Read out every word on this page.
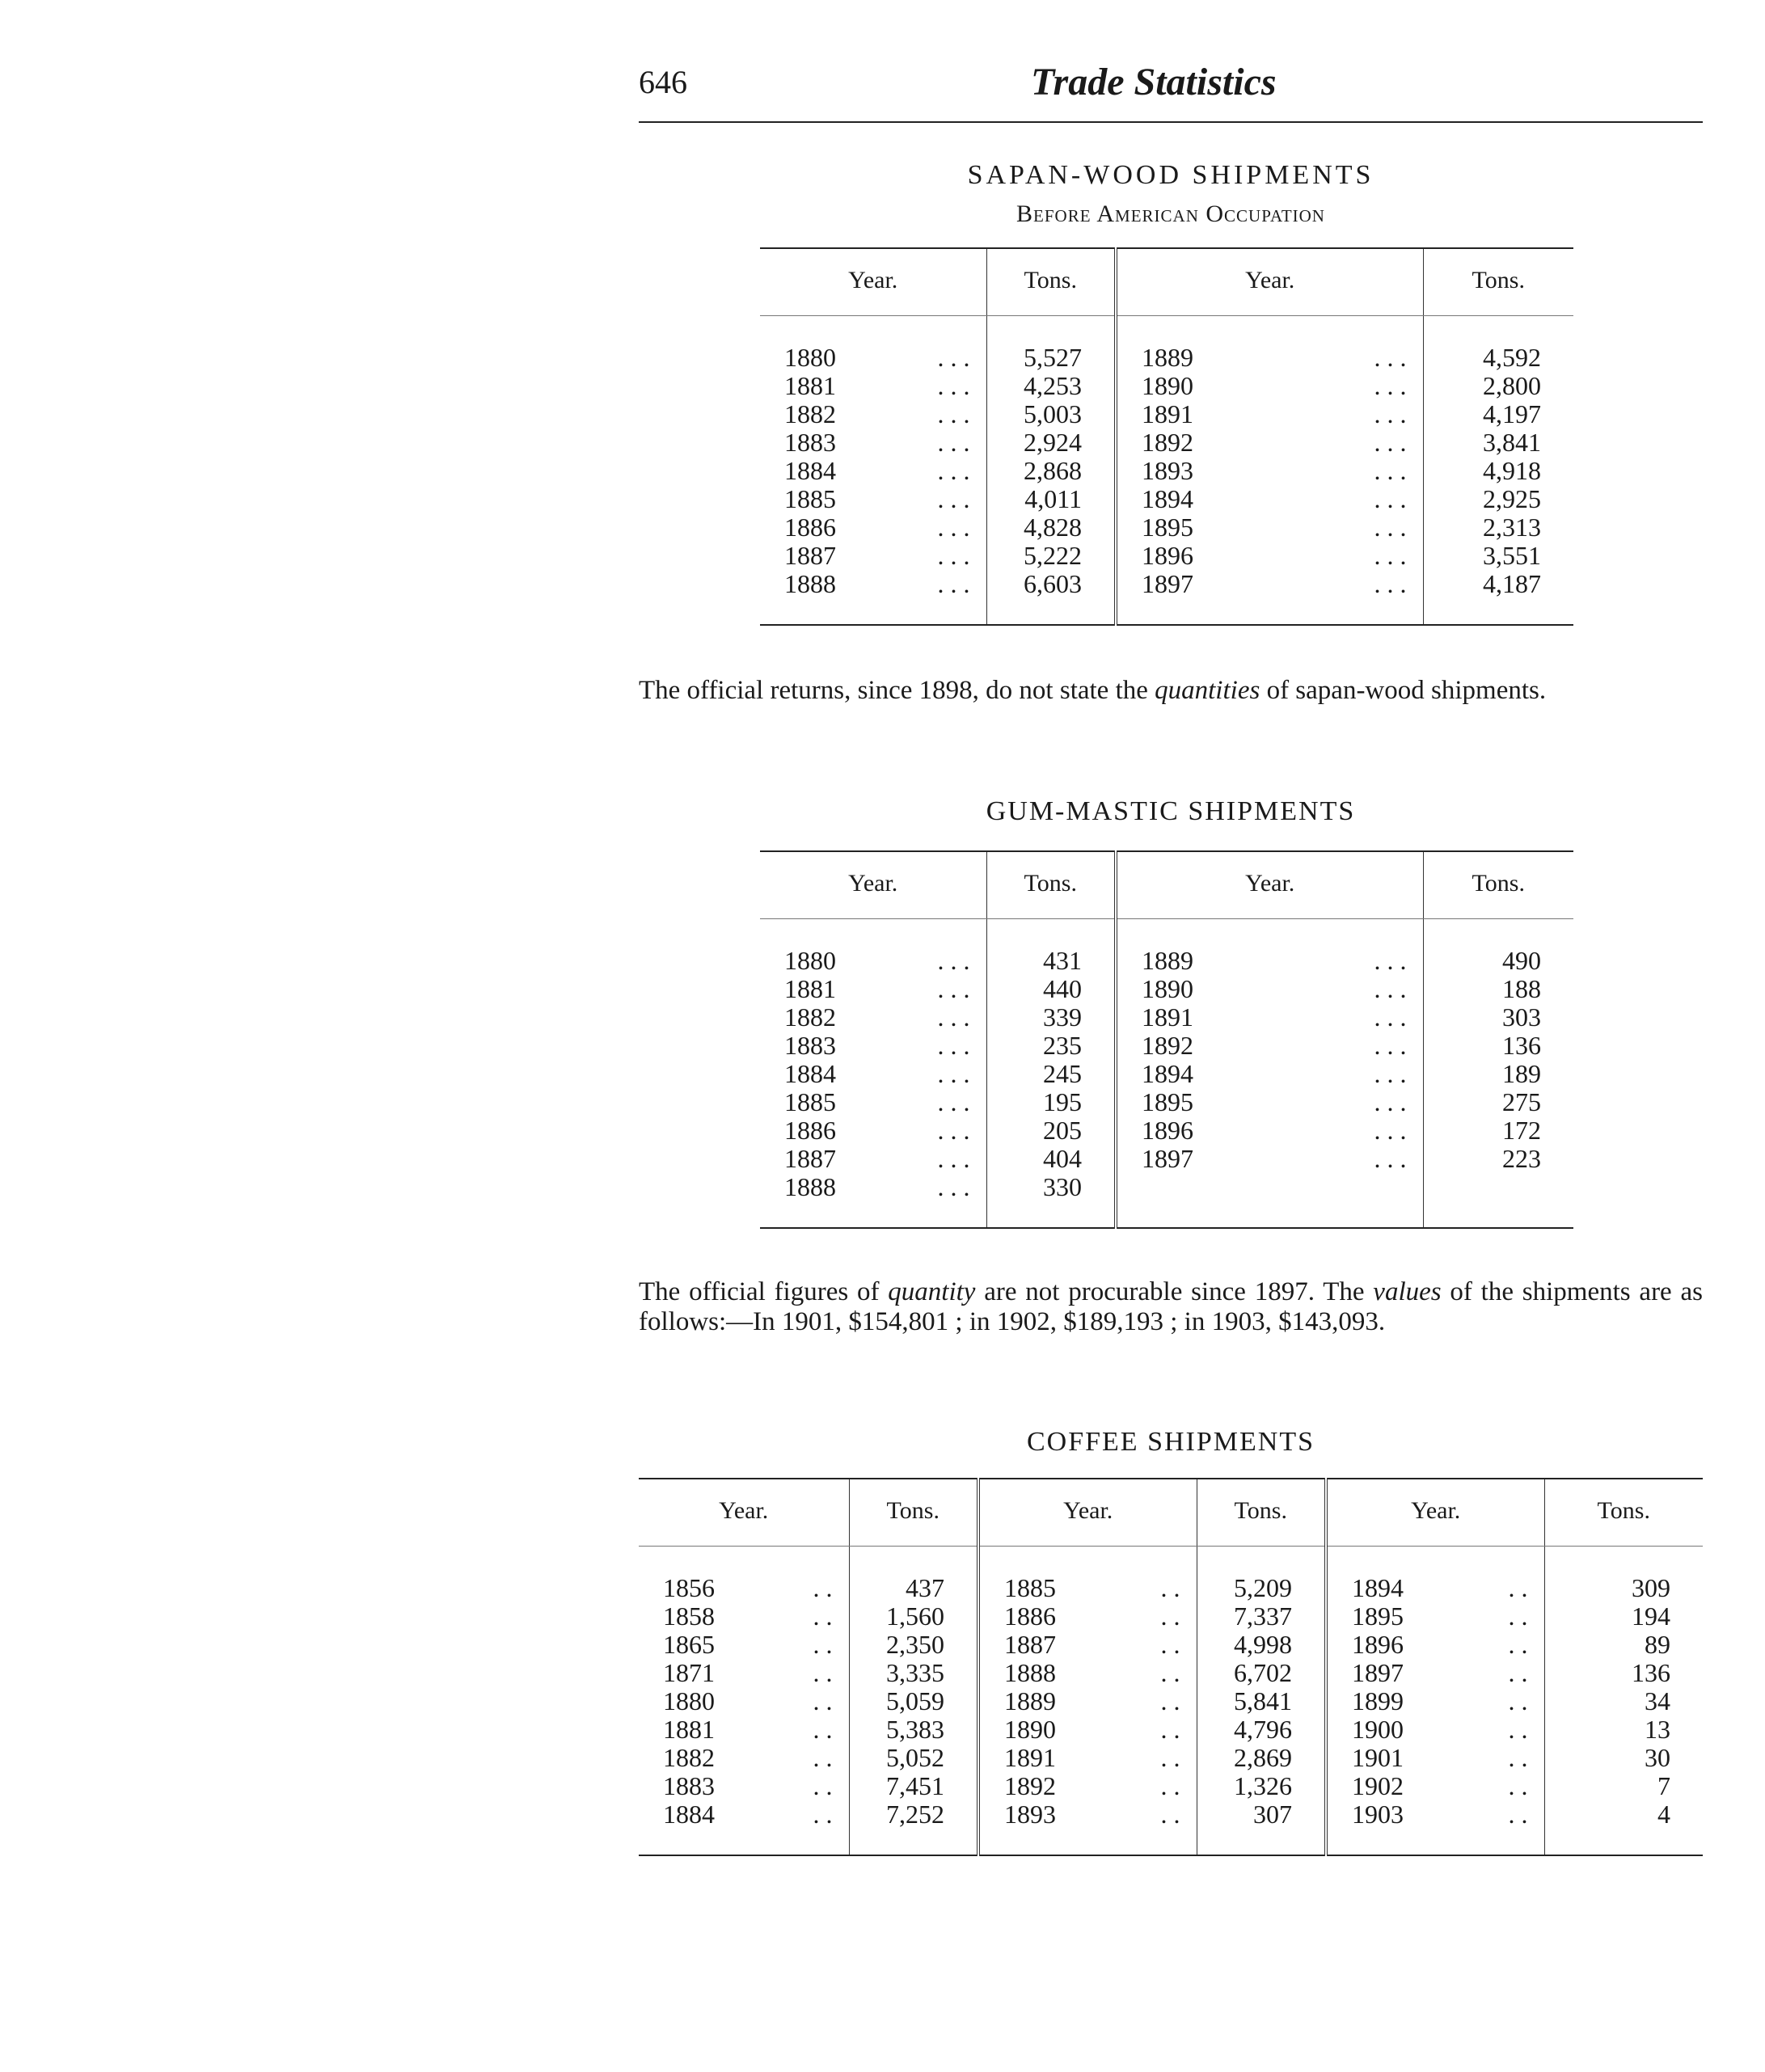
646	Trade Statistics
SAPAN-WOOD SHIPMENTS
Before American Occupation
Year.		Tons.	Year.		Tons.
1880	. . .	5,527	1889	. . .	4,592
1881	. . .	4,253	1890	. . .	2,800
1882	. . .	5,003	1891	. . .	4,197
1883	. . .	2,924	1892	. . .	3,841
1884	. . .	2,868	1893	. . .	4,918
1885	. . .	4,011	1894	. . .	2,925
1886	. . .	4,828	1895	. . .	2,313
1887	. . .	5,222	1896	. . .	3,551
1888	. . .	6,603	1897	. . .	4,187
The official returns, since 1898, do not state the quantities of sapan-wood shipments.
GUM-MASTIC SHIPMENTS
Year.		Tons.	Year.		Tons.
1880	. . .	431	1889	. . .	490
1881	. . .	440	1890	. . .	188
1882	. . .	339	1891	. . .	303
1883	. . .	235	1892	. . .	136
1884	. . .	245	1894	. . .	189
1885	. . .	195	1895	. . .	275
1886	. . .	205	1896	. . .	172
1887	. . .	404	1897	. . .	223
1888	. . .	330			
The official figures of quantity are not procurable since 1897. The values of the shipments are as follows:—In 1901, $154,801 ; in 1902, $189,193 ; in 1903, $143,093.
COFFEE SHIPMENTS
Year.		Tons.	Year.		Tons.	Year.		Tons.
1856	. .	437	1885	. .	5,209	1894	. .	309
1858	. .	1,560	1886	. .	7,337	1895	. .	194
1865	. .	2,350	1887	. .	4,998	1896	. .	89
1871	. .	3,335	1888	. .	6,702	1897	. .	136
1880	. .	5,059	1889	. .	5,841	1899	. .	34
1881	. .	5,383	1890	. .	4,796	1900	. .	13
1882	. .	5,052	1891	. .	2,869	1901	. .	30
1883	. .	7,451	1892	. .	1,326	1902	. .	7
1884	. .	7,252	1893	. .	307	1903	. .	4
